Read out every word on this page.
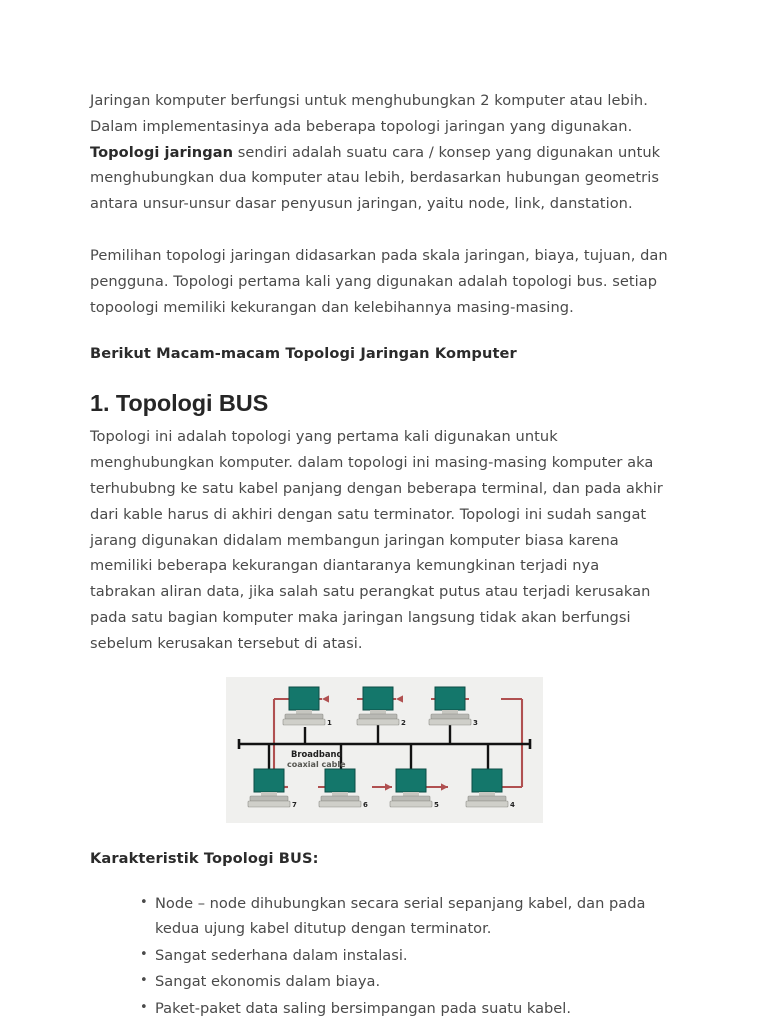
Jaringan komputer berfungsi untuk menghubungkan 2 komputer atau lebih. Dalam implementasinya ada beberapa topologi jaringan yang digunakan. Topologi jaringan sendiri adalah suatu cara / konsep yang digunakan untuk menghubungkan dua komputer atau lebih, berdasarkan hubungan geometris antara unsur-unsur dasar penyusun jaringan, yaitu node, link, danstation.

Pemilihan topologi jaringan didasarkan pada skala jaringan, biaya, tujuan, dan pengguna. Topologi pertama kali yang digunakan adalah topologi bus. setiap topoologi memiliki kekurangan dan kelebihannya masing-masing.

Berikut Macam-macam Topologi Jaringan Komputer

1. Topologi BUS

Topologi ini adalah topologi yang pertama kali digunakan untuk menghubungkan komputer. dalam topologi ini masing-masing komputer aka terhububng ke satu kabel panjang dengan beberapa terminal, dan pada akhir dari kable harus di akhiri dengan satu terminator. Topologi ini sudah sangat jarang digunakan didalam membangun jaringan komputer biasa karena memiliki beberapa kekurangan diantaranya kemungkinan terjadi nya tabrakan aliran data, jika salah satu perangkat putus atau terjadi kerusakan pada satu bagian komputer maka jaringan langsung tidak akan berfungsi sebelum kerusakan tersebut di atasi.

1	2	3
7	6	5	4
Broadband
coaxial cable

Karakteristik Topologi BUS:

• Node – node dihubungkan secara serial sepanjang kabel, dan pada kedua ujung kabel ditutup dengan terminator.
• Sangat sederhana dalam instalasi.
• Sangat ekonomis dalam biaya.
• Paket-paket data saling bersimpangan pada suatu kabel.
